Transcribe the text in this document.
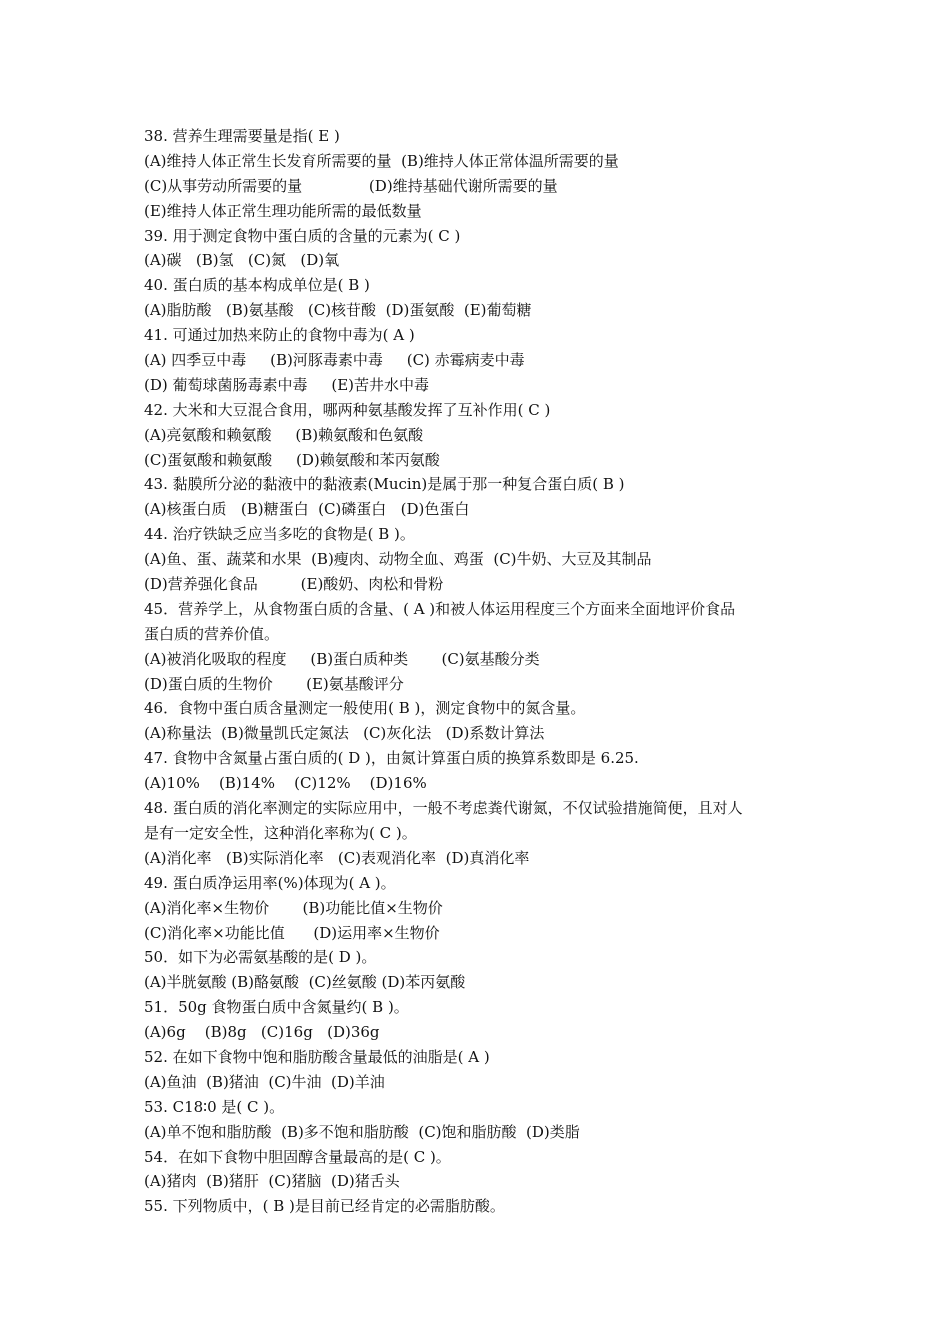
38. 营养生理需要量是指( E )
(A)维持人体正常生长发育所需要的量  (B)维持人体正常体温所需要的量
(C)从事劳动所需要的量              (D)维持基础代谢所需要的量
(E)维持人体正常生理功能所需的最低数量
39. 用于测定食物中蛋白质的含量的元素为( C )
(A)碳   (B)氢   (C)氮   (D)氧
40. 蛋白质的基本构成单位是( B )
(A)脂肪酸   (B)氨基酸   (C)核苷酸  (D)蛋氨酸  (E)葡萄糖
41. 可通过加热来防止的食物中毒为( A )
(A) 四季豆中毒     (B)河豚毒素中毒     (C) 赤霉病麦中毒
(D) 葡萄球菌肠毒素中毒     (E)苦井水中毒
42. 大米和大豆混合食用，哪两种氨基酸发挥了互补作用( C )
(A)亮氨酸和赖氨酸     (B)赖氨酸和色氨酸
(C)蛋氨酸和赖氨酸     (D)赖氨酸和苯丙氨酸
43. 黏膜所分泌的黏液中的黏液素(Mucin)是属于那一种复合蛋白质( B )
(A)核蛋白质   (B)糖蛋白  (C)磷蛋白   (D)色蛋白
44. 治疗铁缺乏应当多吃的食物是( B )。
(A)鱼、蛋、蔬菜和水果  (B)瘦肉、动物全血、鸡蛋  (C)牛奶、大豆及其制品
(D)营养强化食品         (E)酸奶、肉松和骨粉
45．营养学上，从食物蛋白质的含量、( A )和被人体运用程度三个方面来全面地评价食品
蛋白质的营养价值。
(A)被消化吸取的程度     (B)蛋白质种类       (C)氨基酸分类
(D)蛋白质的生物价       (E)氨基酸评分
46．食物中蛋白质含量测定一般使用( B )，测定食物中的氮含量。
(A)称量法  (B)微量凯氏定氮法   (C)灰化法   (D)系数计算法
47. 食物中含氮量占蛋白质的( D )，由氮计算蛋白质的换算系数即是 6.25.
(A)10%    (B)14%    (C)12%    (D)16%
48. 蛋白质的消化率测定的实际应用中，一般不考虑粪代谢氮，不仅试验措施简便，且对人
是有一定安全性，这种消化率称为( C )。
(A)消化率   (B)实际消化率   (C)表观消化率  (D)真消化率
49. 蛋白质净运用率(%)体现为( A )。
(A)消化率×生物价       (B)功能比值×生物价
(C)消化率×功能比值      (D)运用率×生物价
50．如下为必需氨基酸的是( D )。
(A)半胱氨酸 (B)酪氨酸  (C)丝氨酸 (D)苯丙氨酸
51．50g 食物蛋白质中含氮量约( B )。
(A)6g    (B)8g   (C)16g   (D)36g
52. 在如下食物中饱和脂肪酸含量最低的油脂是( A )
(A)鱼油  (B)猪油  (C)牛油  (D)羊油
53. C18∶0 是( C )。
(A)单不饱和脂肪酸  (B)多不饱和脂肪酸  (C)饱和脂肪酸  (D)类脂
54．在如下食物中胆固醇含量最高的是( C )。
(A)猪肉  (B)猪肝  (C)猪脑  (D)猪舌头
55. 下列物质中，( B )是目前已经肯定的必需脂肪酸。
